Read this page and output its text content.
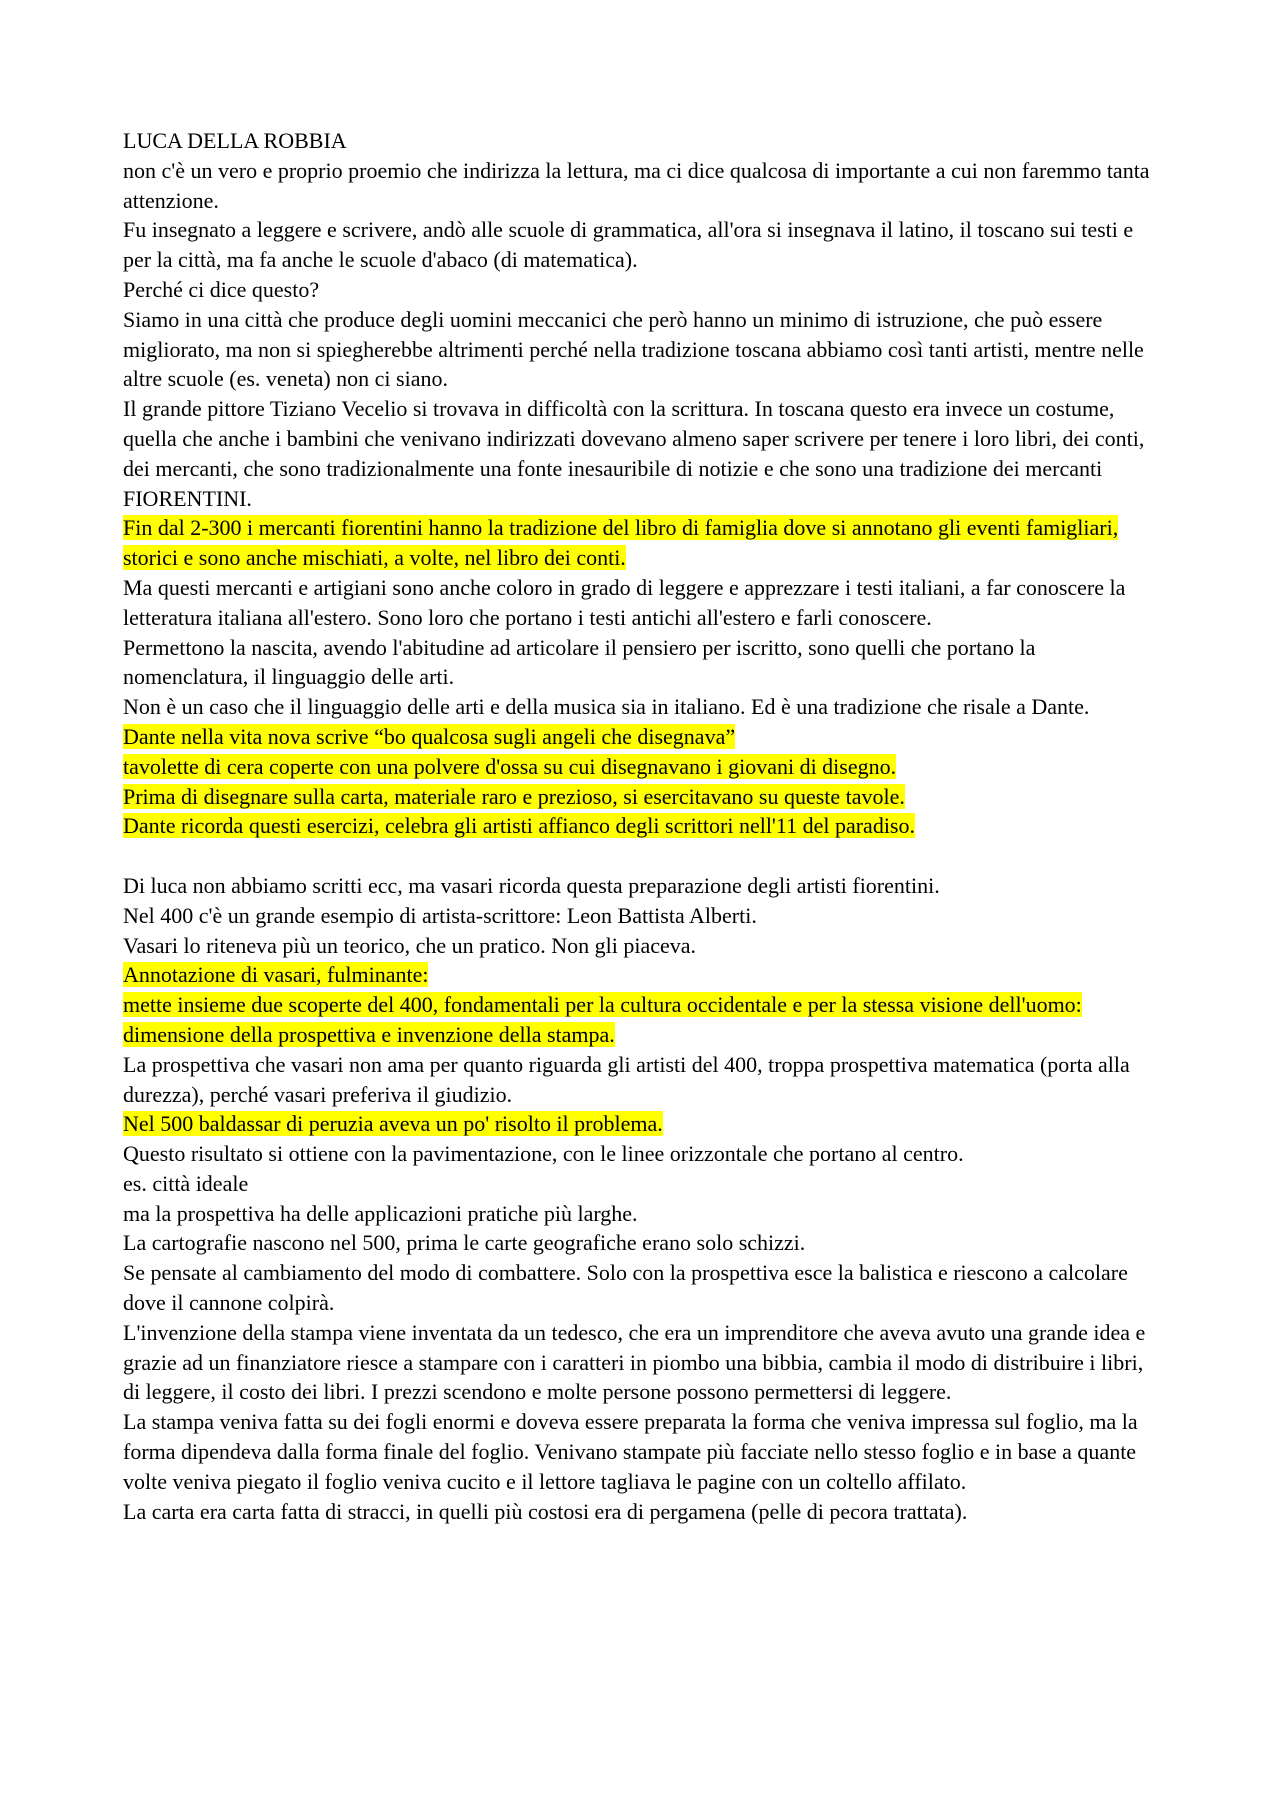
LUCA DELLA ROBBIA
non c'è un vero e proprio proemio che indirizza la lettura, ma ci dice qualcosa di importante a cui non faremmo tanta attenzione.
Fu insegnato a leggere e scrivere, andò alle scuole di grammatica, all'ora si insegnava il latino, il toscano sui testi e per la città, ma fa anche le scuole d'abaco (di matematica).
Perché ci dice questo?
Siamo in una città che produce degli uomini meccanici che però hanno un minimo di istruzione, che può essere migliorato, ma non si spiegherebbe altrimenti perché nella tradizione toscana abbiamo così tanti artisti, mentre nelle altre scuole (es. veneta) non ci siano.
Il grande pittore Tiziano Vecelio si trovava in difficoltà con la scrittura. In toscana questo era invece un costume, quella che anche i bambini che venivano indirizzati dovevano almeno saper scrivere per tenere i loro libri, dei conti, dei mercanti, che sono tradizionalmente una fonte inesauribile di notizie e che sono una tradizione dei mercanti FIORENTINI.
Fin dal 2-300 i mercanti fiorentini hanno la tradizione del libro di famiglia dove si annotano gli eventi famigliari, storici e sono anche mischiati, a volte, nel libro dei conti.
Ma questi mercanti e artigiani sono anche coloro in grado di leggere e apprezzare i testi italiani, a far conoscere la letteratura italiana all'estero. Sono loro che portano i testi antichi all'estero e farli conoscere.
Permettono la nascita, avendo l'abitudine ad articolare il pensiero per iscritto, sono quelli che portano la nomenclatura, il linguaggio delle arti.
Non è un caso che il linguaggio delle arti e della musica sia in italiano. Ed è una tradizione che risale a Dante.
Dante nella vita nova scrive “bo qualcosa sugli angeli che disegnava”
tavolette di cera coperte con una polvere d'ossa su cui disegnavano i giovani di disegno.
Prima di disegnare sulla carta, materiale raro e prezioso, si esercitavano su queste tavole.
Dante ricorda questi esercizi, celebra gli artisti affianco degli scrittori nell'11 del paradiso.
Di luca non abbiamo scritti ecc, ma vasari ricorda questa preparazione degli artisti fiorentini.
Nel 400 c'è un grande esempio di artista-scrittore: Leon Battista Alberti.
Vasari lo riteneva più un teorico, che un pratico. Non gli piaceva.
Annotazione di vasari, fulminante:
mette insieme due scoperte del 400, fondamentali per la cultura occidentale e per la stessa visione dell'uomo:
dimensione della prospettiva e invenzione della stampa.
La prospettiva che vasari non ama per quanto riguarda gli artisti del 400, troppa prospettiva matematica (porta alla durezza), perché vasari preferiva il giudizio.
Nel 500 baldassar di peruzia aveva un po' risolto il problema.
Questo risultato si ottiene con la pavimentazione, con le linee orizzontale che portano al centro.
es. città ideale
ma la prospettiva ha delle applicazioni pratiche più larghe.
La cartografie nascono nel 500, prima le carte geografiche erano solo schizzi.
Se pensate al cambiamento del modo di combattere. Solo con la prospettiva esce la balistica e riescono a calcolare dove il cannone colpirà.
L'invenzione della stampa viene inventata da un tedesco, che era un imprenditore che aveva avuto una grande idea e grazie ad un finanziatore riesce a stampare con i caratteri in piombo una bibbia, cambia il modo di distribuire i libri, di leggere, il costo dei libri. I prezzi scendono e molte persone possono permettersi di leggere.
La stampa veniva fatta su dei fogli enormi e doveva essere preparata la forma che veniva impressa sul foglio, ma la forma dipendeva dalla forma finale del foglio. Venivano stampate più facciate nello stesso foglio e in base a quante volte veniva piegato il foglio veniva cucito e il lettore tagliava le pagine con un coltello affilato.
La carta era carta fatta di stracci, in quelli più costosi era di pergamena (pelle di pecora trattata).
